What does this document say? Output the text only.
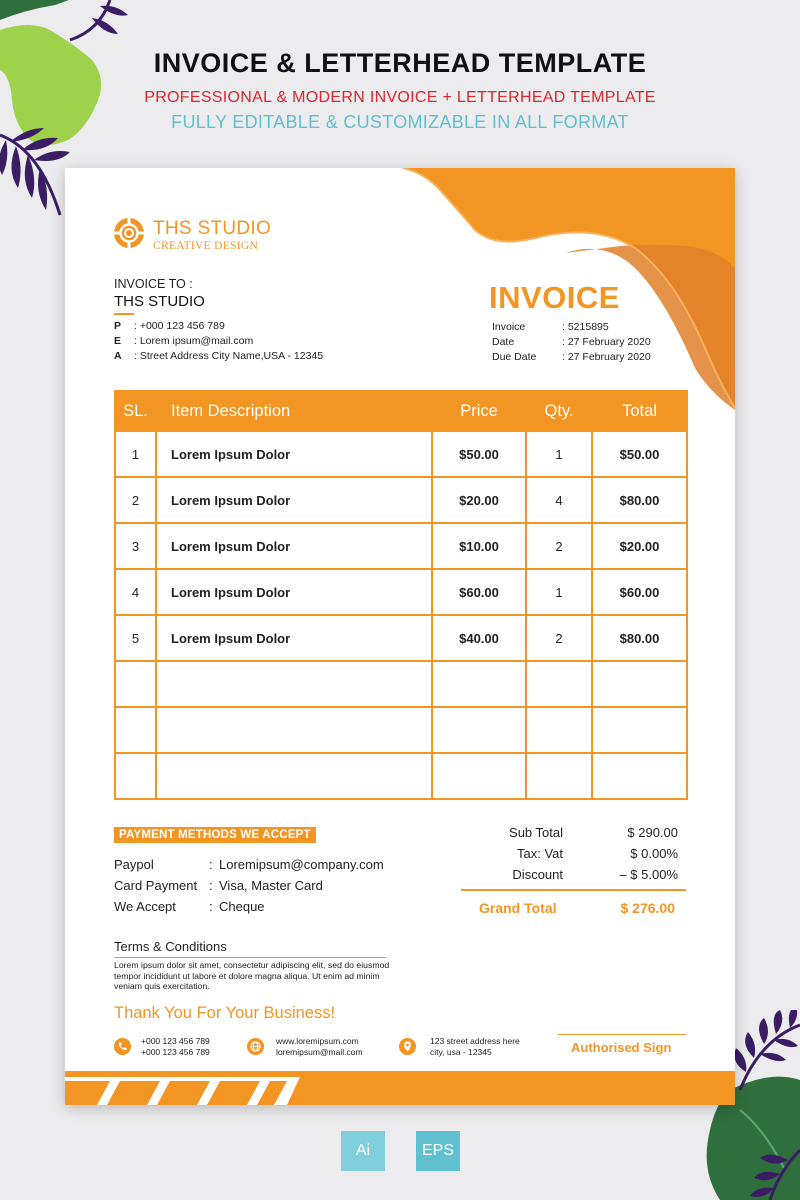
INVOICE & LETTERHEAD TEMPLATE
PROFESSIONAL & MODERN INVOICE + LETTERHEAD TEMPLATE
FULLY EDITABLE & CUSTOMIZABLE IN ALL FORMAT
THS STUDIO
CREATIVE DESIGN
INVOICE TO :
THS STUDIO
P : +000 123 456 789
E : Lorem ipsum@mail.com
A : Street Address City Name,USA - 12345
INVOICE
Invoice	: 5215895
Date	: 27 February 2020
Due Date : 27 February 2020
SL.	Item Description	Price	Qty.	Total
1	Lorem Ipsum Dolor	$50.00	1	$50.00
2	Lorem Ipsum Dolor	$20.00	4	$80.00
3	Lorem Ipsum Dolor	$10.00	2	$20.00
4	Lorem Ipsum Dolor	$60.00	1	$60.00
5	Lorem Ipsum Dolor	$40.00	2	$80.00

PAYMENT METHODS WE ACCEPT
Paypol	: Loremipsum@company.com
Card Payment : Visa, Master Card
We Accept	: Cheque
Sub Total	$ 290.00
Tax: Vat	$ 0.00%
Discount	– $ 5.00%
Grand Total	$ 276.00
Terms & Conditions
Lorem ipsum dolor sit amet, consectetur adipiscing elit, sed do eiusmod tempor incididunt ut labore et dolore magna aliqua. Ut enim ad minim veniam quis exercitation.
Thank You For Your Business!
+000 123 456 789
+000 123 456 789
www.loremipsum.com
loremipsum@mail.com
123 street address here
city, usa - 12345	Authorised Sign
Ai	EPS
